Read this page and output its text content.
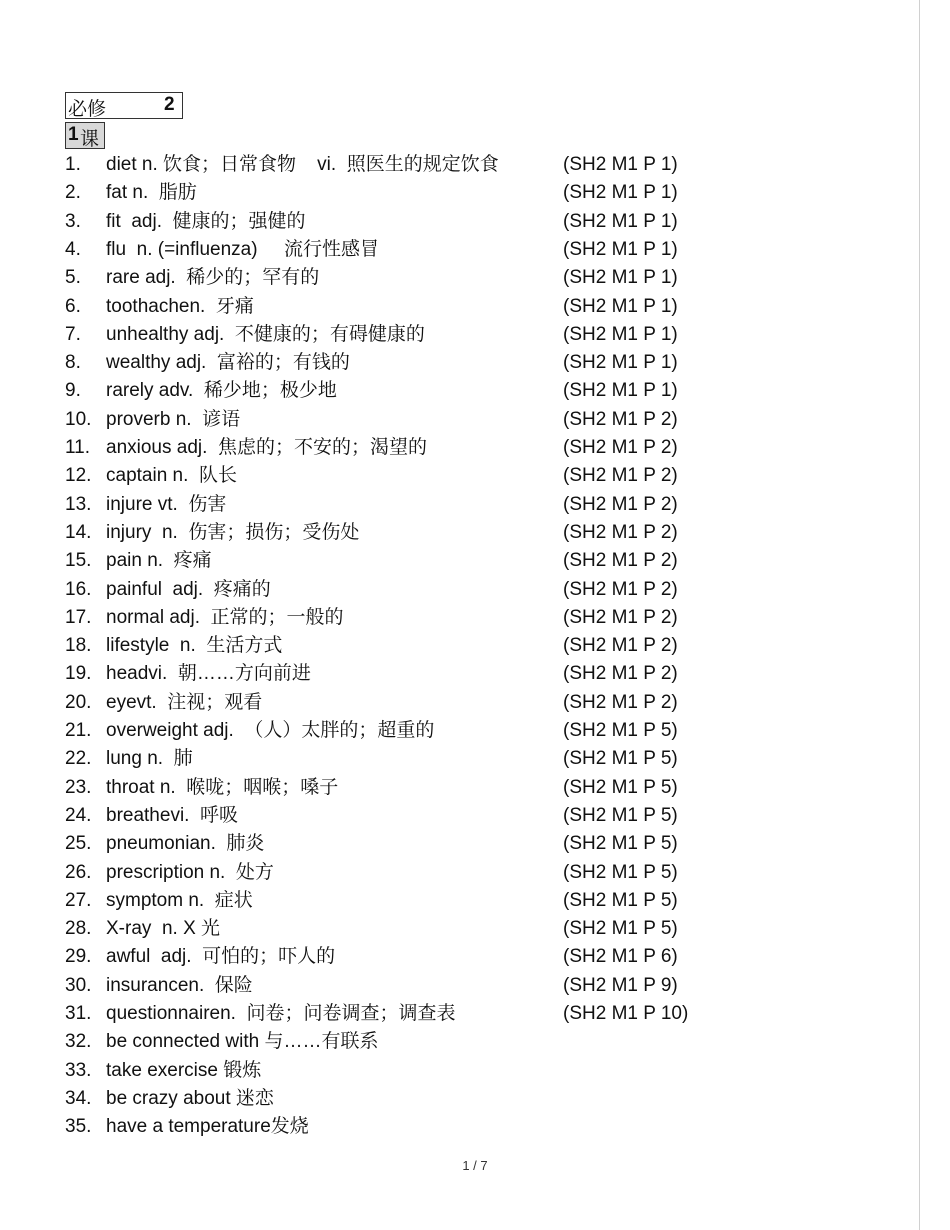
必修	2
1 课
1. diet n. 饮食；日常食物    vi.  照医生的规定饮食	(SH2 M1 P 1)
2. fat n.  脂肪	(SH2 M1 P 1)
3. fit  adj.  健康的；强健的	(SH2 M1 P 1)
4. flu  n. (=influenza)     流行性感冒	(SH2 M1 P 1)
5. rare adj.  稀少的；罕有的	(SH2 M1 P 1)
6. toothachen.  牙痛	(SH2 M1 P 1)
7. unhealthy adj.  不健康的；有碍健康的	(SH2 M1 P 1)
8. wealthy adj.  富裕的；有钱的	(SH2 M1 P 1)
9. rarely adv.  稀少地；极少地	(SH2 M1 P 1)
10. proverb n.  谚语	(SH2 M1 P 2)
11. anxious adj.  焦虑的；不安的；渴望的	(SH2 M1 P 2)
12. captain n.  队长	(SH2 M1 P 2)
13. injure vt.  伤害	(SH2 M1 P 2)
14. injury  n.  伤害；损伤；受伤处	(SH2 M1 P 2)
15. pain n.  疼痛	(SH2 M1 P 2)
16. painful  adj.  疼痛的	(SH2 M1 P 2)
17. normal adj.  正常的；一般的	(SH2 M1 P 2)
18. lifestyle  n.  生活方式	(SH2 M1 P 2)
19. headvi.  朝……方向前进	(SH2 M1 P 2)
20. eyevt.  注视；观看	(SH2 M1 P 2)
21. overweight adj.  （人）太胖的；超重的	(SH2 M1 P 5)
22. lung n.  肺	(SH2 M1 P 5)
23. throat n.  喉咙；咽喉；嗓子	(SH2 M1 P 5)
24. breathevi.  呼吸	(SH2 M1 P 5)
25. pneumonian.  肺炎	(SH2 M1 P 5)
26. prescription n.  处方	(SH2 M1 P 5)
27. symptom n.  症状	(SH2 M1 P 5)
28. X-ray  n. X 光	(SH2 M1 P 5)
29. awful  adj.  可怕的；吓人的	(SH2 M1 P 6)
30. insurancen.  保险	(SH2 M1 P 9)
31. questionnairen.  问卷；问卷调查；调查表	(SH2 M1 P 10)
32. be connected with 与……有联系
33. take exercise 锻炼
34. be crazy about 迷恋
35. have a temperature发烧
1 / 7
